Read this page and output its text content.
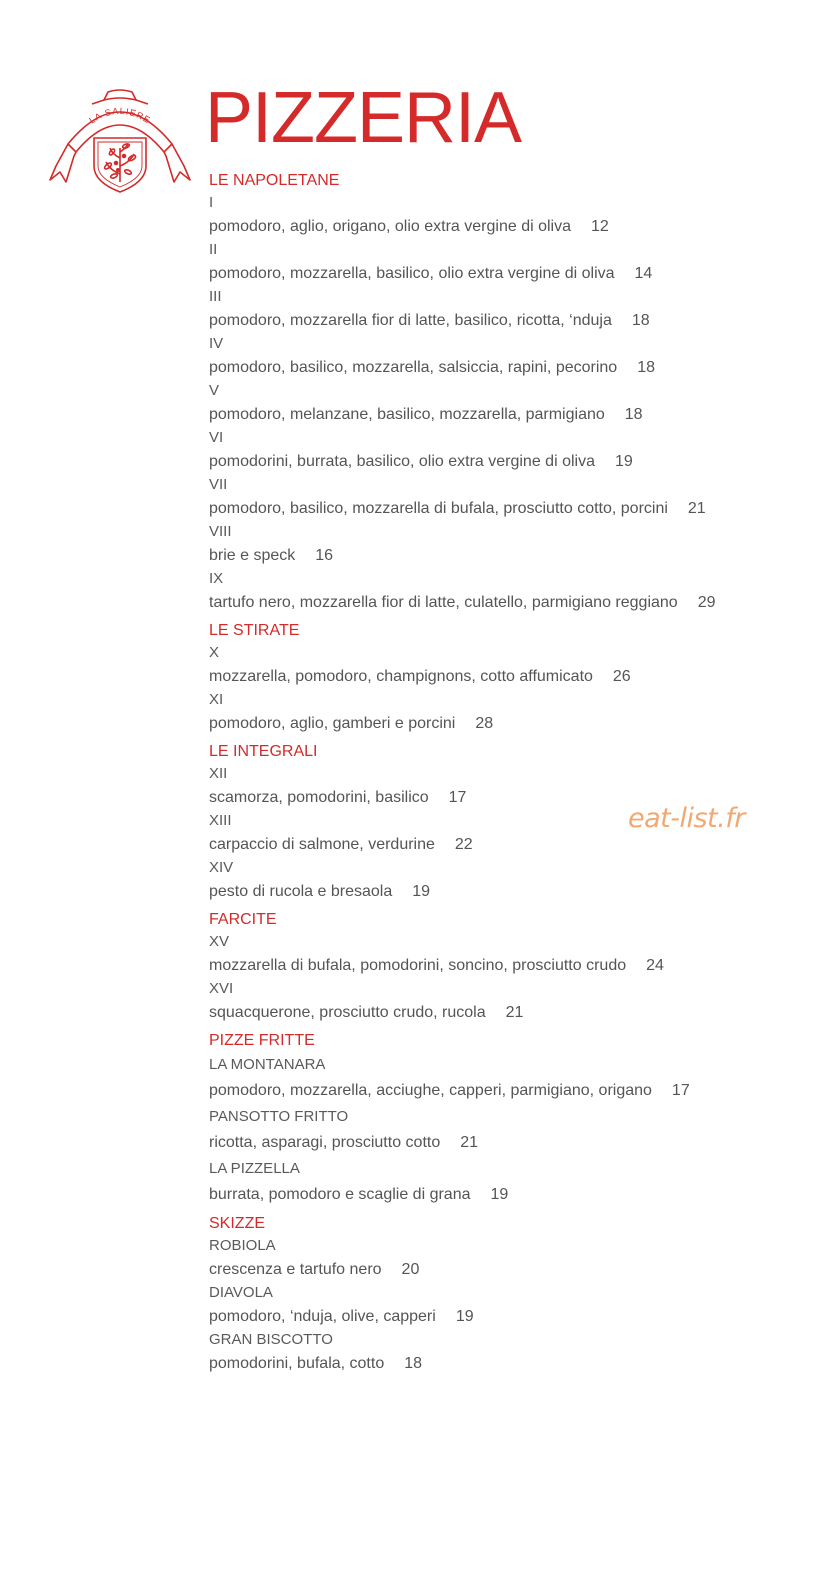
LA SALIERE PIZZERIA
LE NAPOLETANE
I
pomodoro, aglio, origano, olio extra vergine di oliva 12
II
pomodoro, mozzarella, basilico, olio extra vergine di oliva 14
III
pomodoro, mozzarella fior di latte, basilico, ricotta, ‘nduja 18
IV
pomodoro, basilico, mozzarella, salsiccia, rapini, pecorino 18
V
pomodoro, melanzane, basilico, mozzarella, parmigiano 18
VI
pomodorini, burrata, basilico, olio extra vergine di oliva 19
VII
pomodoro, basilico, mozzarella di bufala, prosciutto cotto, porcini 21
VIII
brie e speck 16
IX
tartufo nero, mozzarella fior di latte, culatello, parmigiano reggiano 29
LE STIRATE
X
mozzarella, pomodoro, champignons, cotto affumicato 26
XI
pomodoro, aglio, gamberi e porcini 28
LE INTEGRALI
XII
scamorza, pomodorini, basilico 17
XIII
carpaccio di salmone, verdurine 22
XIV
pesto di rucola e bresaola 19
FARCITE
XV
mozzarella di bufala, pomodorini, soncino, prosciutto crudo 24
XVI
squacquerone, prosciutto crudo, rucola 21
PIZZE FRITTE
LA MONTANARA
pomodoro, mozzarella, acciughe, capperi, parmigiano, origano 17
PANSOTTO FRITTO
ricotta, asparagi, prosciutto cotto 21
LA PIZZELLA
burrata, pomodoro e scaglie di grana 19
SKIZZE
ROBIOLA
crescenza e tartufo nero 20
DIAVOLA
pomodoro, ‘nduja, olive, capperi 19
GRAN BISCOTTO
pomodorini, bufala, cotto 18
eat-list.fr
